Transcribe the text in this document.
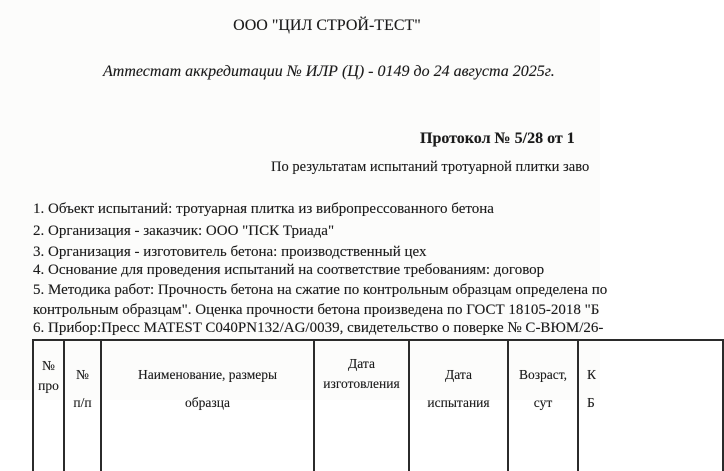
ООО "ЦИЛ СТРОЙ-ТЕСТ"
Аттестат аккредитации № ИЛР (Ц) - 0149 до 24 августа 2025г.
Протокол № 5/28 от 1
По результатам испытаний тротуарной плитки заво
1. Объект испытаний: тротуарная плитка из вибропрессованного бетона
2. Организация - заказчик: ООО "ПСК Триада"
3. Организация - изготовитель бетона: производственный цех
4. Основание для проведения испытаний на соответствие требованиям: договор
5. Методика работ: Прочность бетона на сжатие по контрольным образцам определена по
контрольным образцам". Оценка прочности бетона произведена по ГОСТ 18105-2018 "Б
6. Прибор:Пресс MATEST C040PN132/AG/0039, свидетельство о поверке № С-ВЮМ/26-
№
про
№
п/п
Наименование, размеры
образца
Дата
изготовления
Дата
испытания
Возраст,
сут
К
Б
